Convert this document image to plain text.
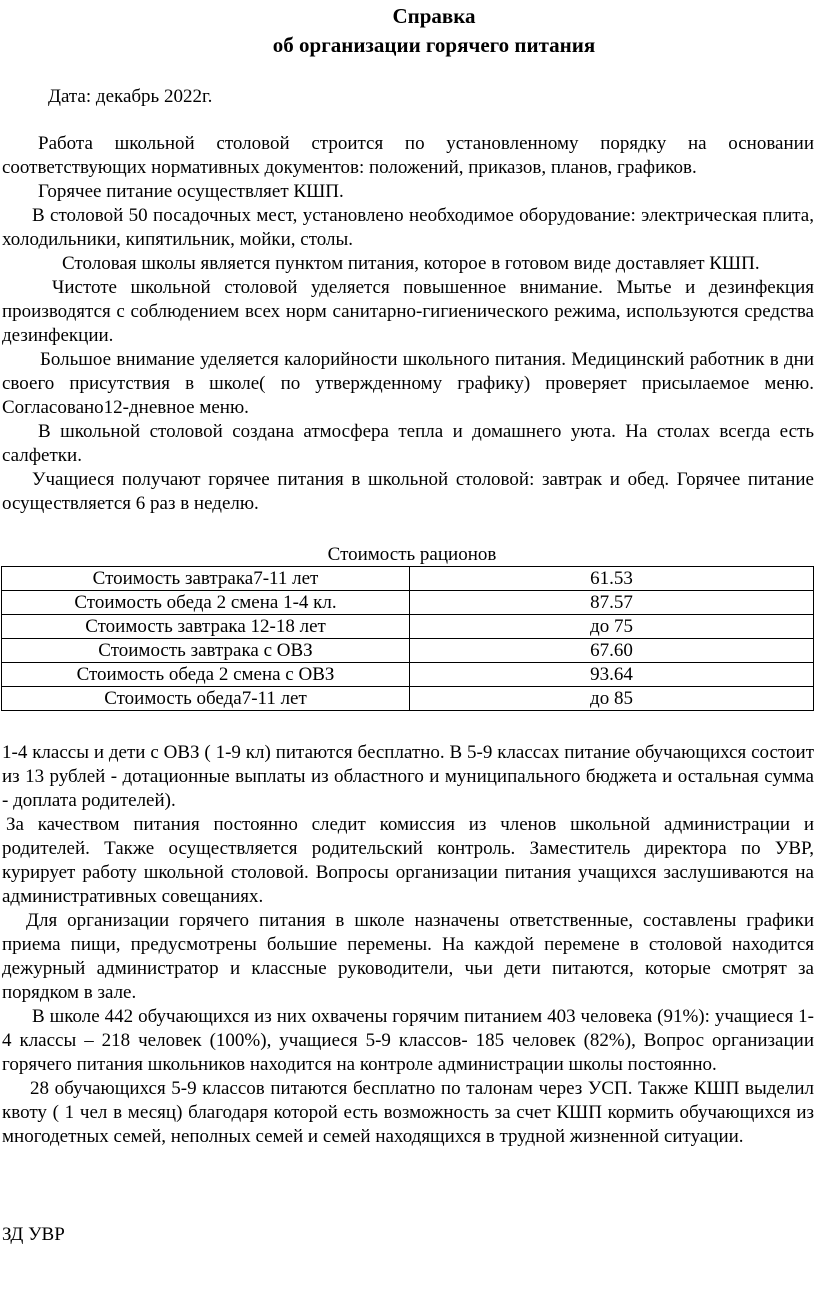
Справка
об организации горячего питания
Дата: декабрь 2022г.

Работа школьной столовой строится по установленному порядку на основании соответствующих нормативных документов: положений, приказов, планов, графиков.

Горячее питание осуществляет КШП.

В столовой 50 посадочных мест, установлено необходимое оборудование: электрическая плита, холодильники, кипятильник, мойки, столы.

Столовая школы является пунктом питания, которое в готовом виде доставляет КШП.

Чистоте школьной столовой уделяется повышенное внимание. Мытье и дезинфекция производятся с соблюдением всех норм санитарно-гигиенического режима, используются средства дезинфекции.

Большое внимание уделяется калорийности школьного питания. Медицинский работник в дни своего присутствия в школе( по утвержденному графику) проверяет присылаемое меню. Согласовано12-дневное меню.

В школьной столовой создана атмосфера тепла и домашнего уюта. На столах всегда есть салфетки.

Учащиеся получают горячее питания в школьной столовой: завтрак и обед. Горячее питание осуществляется 6 раз в неделю.

Стоимость рационов
Стоимость завтрака7-11 лет	61.53
Стоимость обеда 2 смена 1-4 кл.	87.57
Стоимость завтрака 12-18 лет	до 75
Стоимость завтрака с ОВЗ	67.60
Стоимость обеда 2 смена с ОВЗ	93.64
Стоимость обеда7-11 лет	до 85

1-4 классы и дети с ОВЗ ( 1-9 кл) питаются бесплатно. В 5-9 классах питание обучающихся состоит из 13 рублей - дотационные выплаты из областного и муниципального бюджета и остальная сумма - доплата родителей).

За качеством питания постоянно следит комиссия из членов школьной администрации и родителей. Также осуществляется родительский контроль. Заместитель директора по УВР, курирует работу школьной столовой. Вопросы организации питания учащихся заслушиваются на административных совещаниях.

Для организации горячего питания в школе назначены ответственные, составлены графики приема пищи, предусмотрены большие перемены. На каждой перемене в столовой находится дежурный администратор и классные руководители, чьи дети питаются, которые смотрят за порядком в зале.

В школе 442 обучающихся из них охвачены горячим питанием 403 человека (91%): учащиеся 1-4 классы – 218 человек (100%), учащиеся 5-9 классов- 185 человек (82%), Вопрос организации горячего питания школьников находится на контроле администрации школы постоянно.

28 обучающихся 5-9 классов питаются бесплатно по талонам через УСП. Также КШП выделил квоту ( 1 чел в месяц) благодаря которой есть возможность за счет КШП кормить обучающихся из многодетных семей, неполных семей и семей находящихся в трудной жизненной ситуации.

ЗД УВР
